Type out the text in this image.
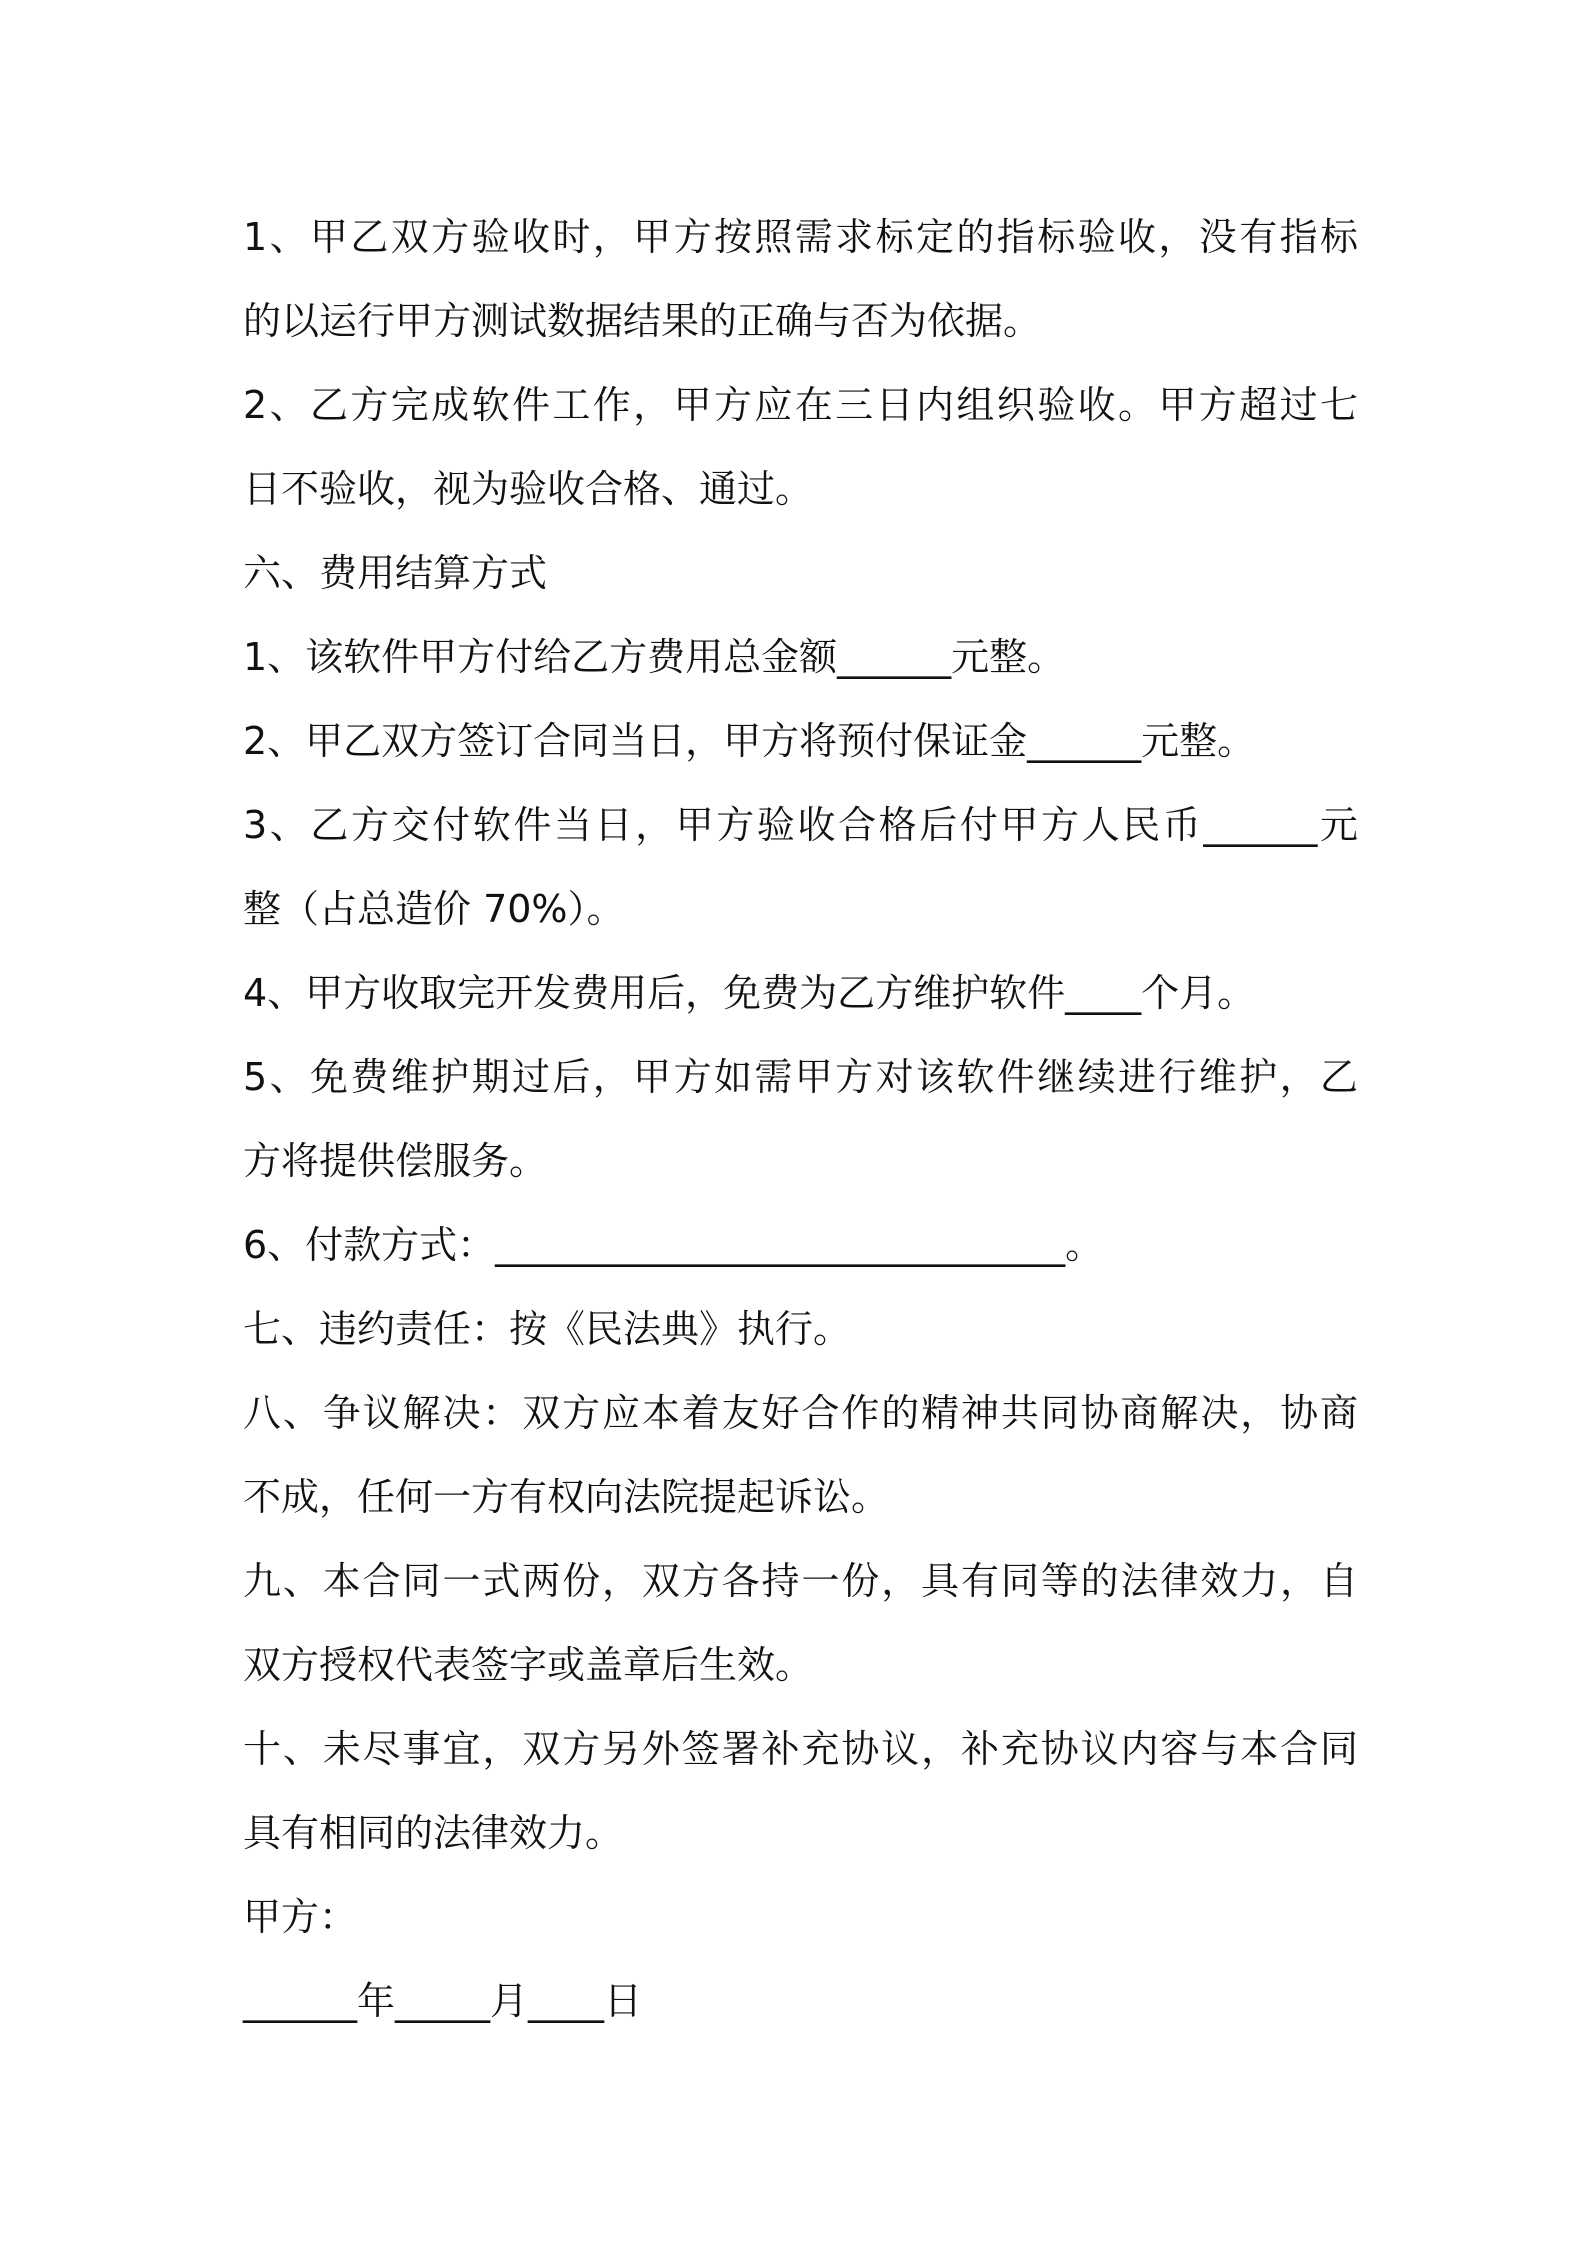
1、甲乙双方验收时，甲方按照需求标定的指标验收，没有指标
的以运行甲方测试数据结果的正确与否为依据。
2、乙方完成软件工作，甲方应在三日内组织验收。甲方超过七
日不验收，视为验收合格、通过。
六、费用结算方式
1、该软件甲方付给乙方费用总金额______元整。
2、甲乙双方签订合同当日，甲方将预付保证金______元整。
3、乙方交付软件当日，甲方验收合格后付甲方人民币______元
整（占总造价 70%）。
4、甲方收取完开发费用后，免费为乙方维护软件____个月。
5、免费维护期过后，甲方如需甲方对该软件继续进行维护，乙
方将提供偿服务。
6、付款方式：______________________________。
七、违约责任：按《民法典》执行。
八、争议解决：双方应本着友好合作的精神共同协商解决，协商
不成，任何一方有权向法院提起诉讼。
九、本合同一式两份，双方各持一份，具有同等的法律效力，自
双方授权代表签字或盖章后生效。
十、未尽事宜，双方另外签署补充协议，补充协议内容与本合同
具有相同的法律效力。
甲方：
______年_____月____日
